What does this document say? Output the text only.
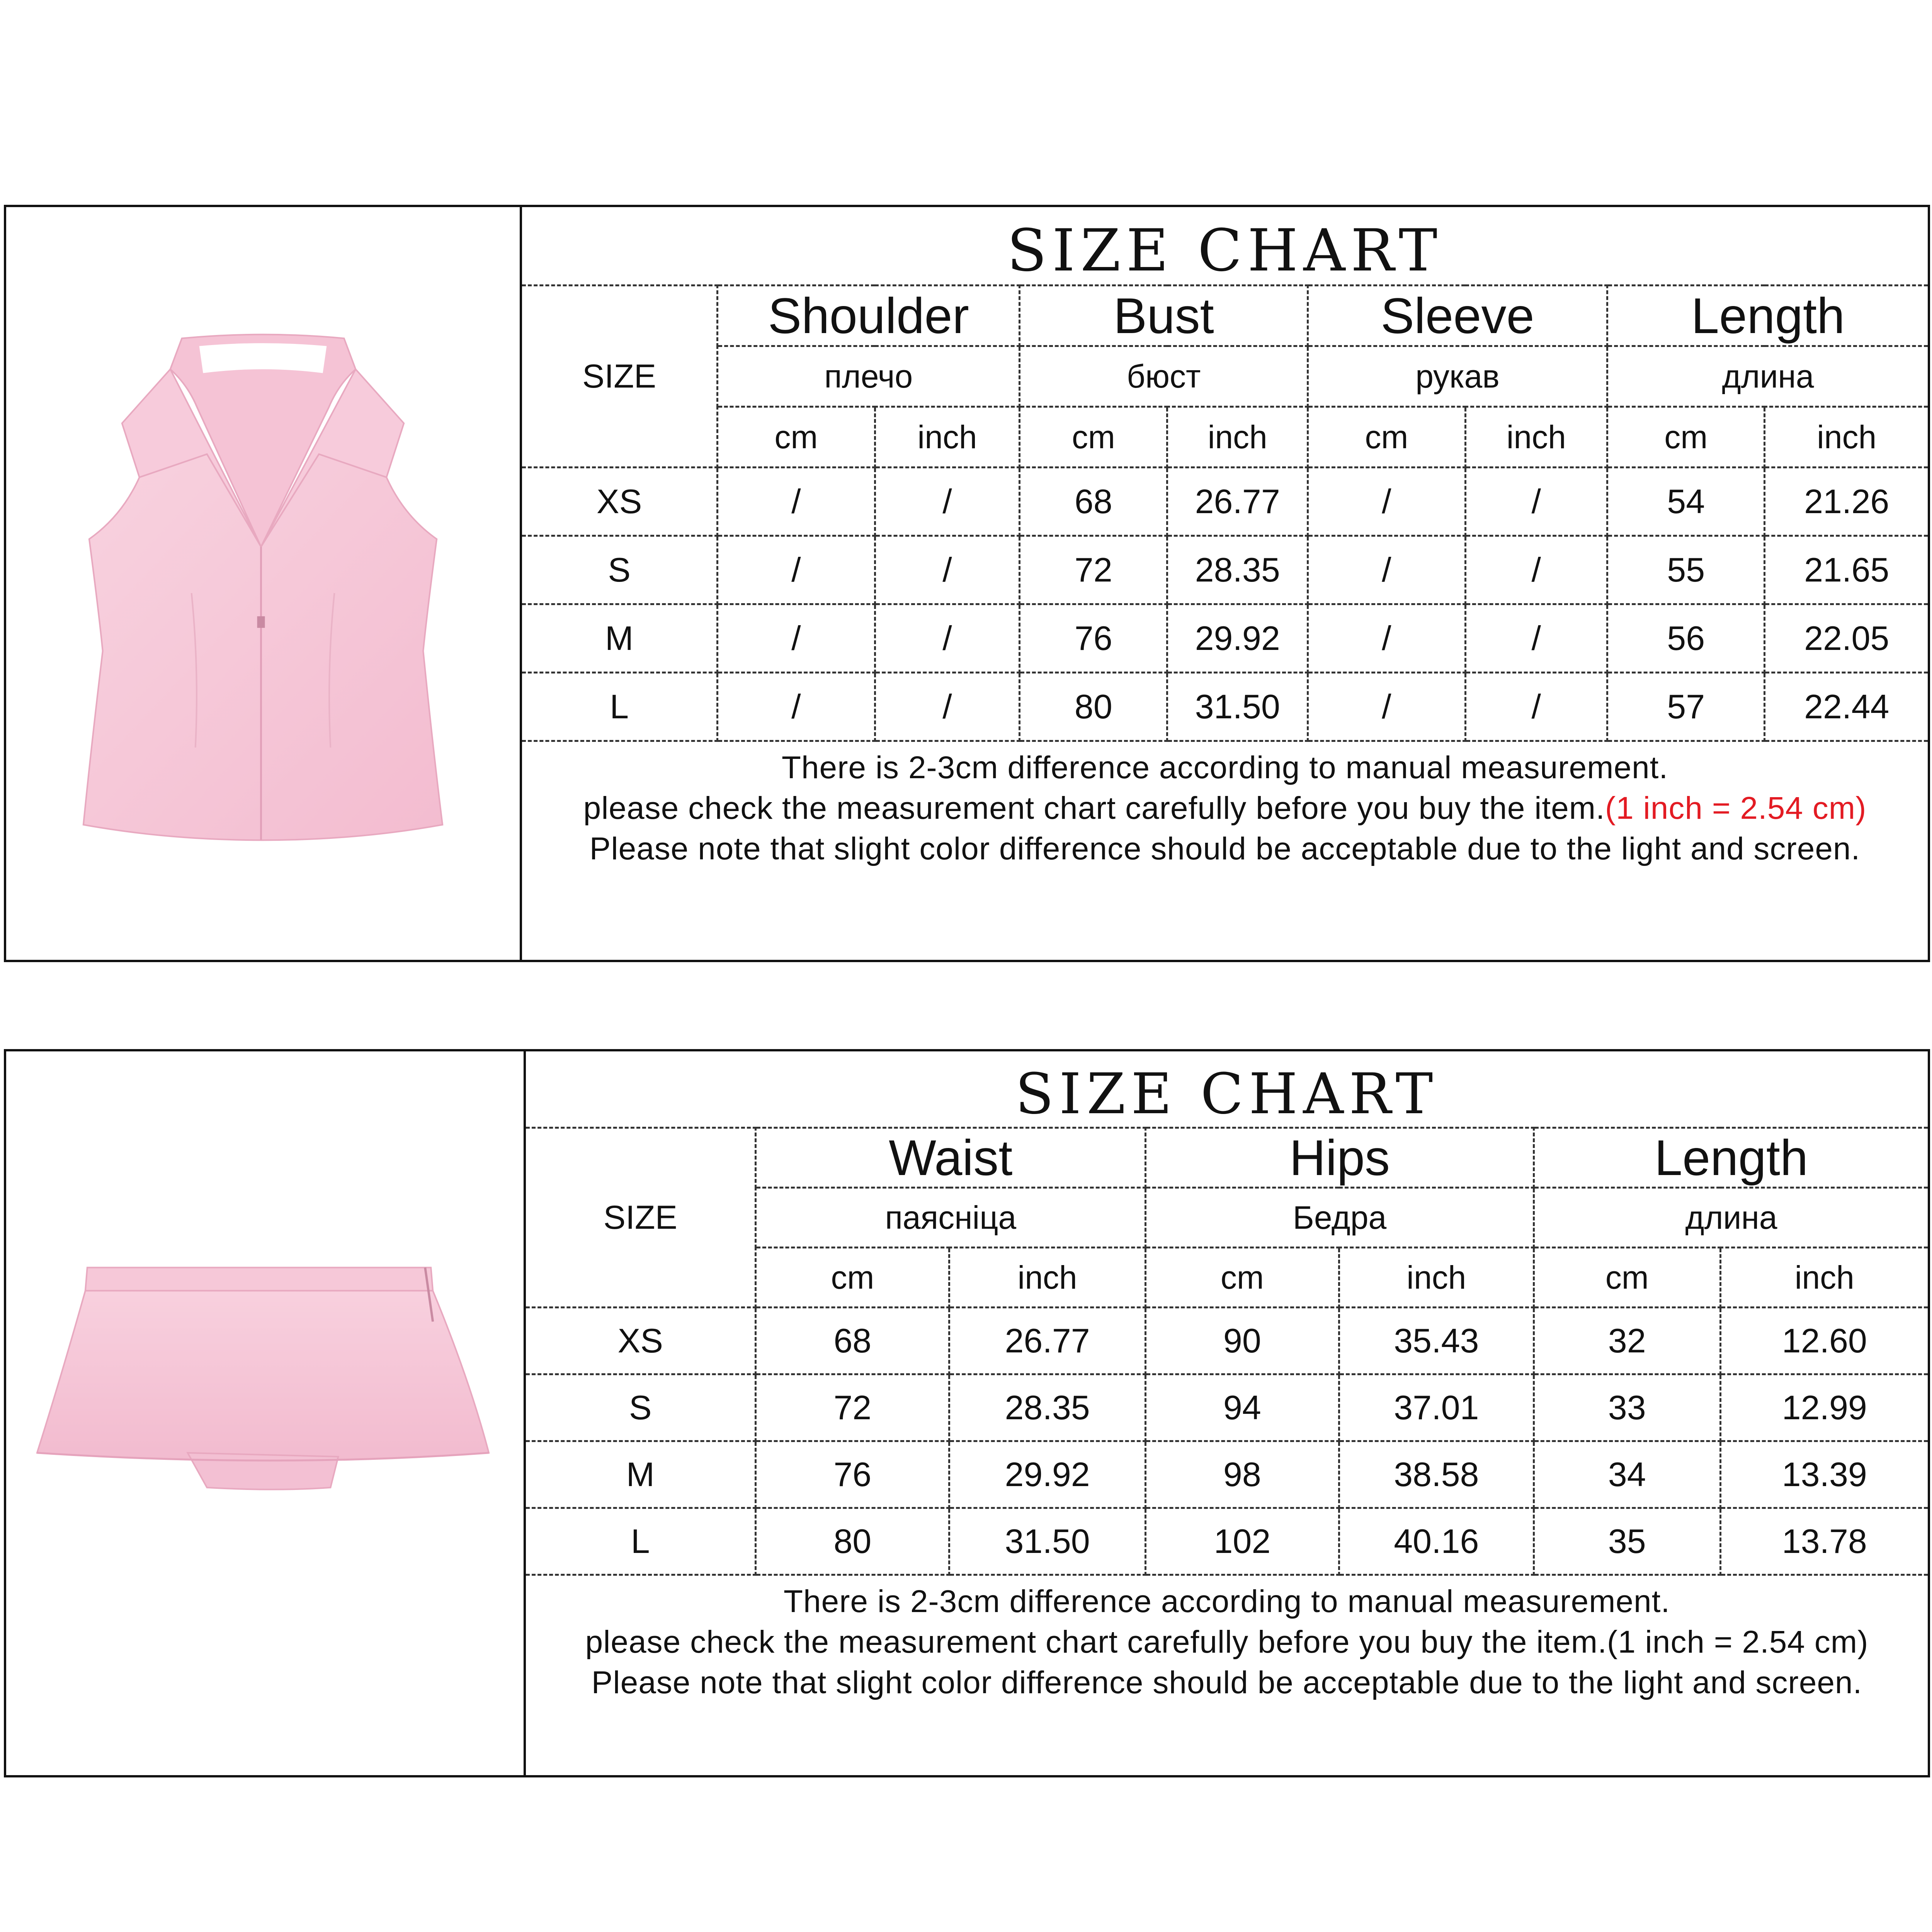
SIZE CHART
SIZE	Shoulder		Bust		Sleeve		Length	
	плечо		бюст		рукав		длина	
	cm	inch	cm	inch	cm	inch	cm	inch
XS	/	/	68	26.77	/	/	54	21.26
S	/	/	72	28.35	/	/	55	21.65
M	/	/	76	29.92	/	/	56	22.05
L	/	/	80	31.50	/	/	57	22.44

There is 2-3cm difference according to manual measurement.

please check the measurement chart carefully before you buy the item.(1 inch = 2.54 cm)

Please note that slight color difference should be acceptable due to the light and screen.

SIZE CHART
SIZE	Waist		Hips		Length	
	паясніца		Бедра		длина	
	cm	inch	cm	inch	cm	inch
XS	68	26.77	90	35.43	32	12.60
S	72	28.35	94	37.01	33	12.99
M	76	29.92	98	38.58	34	13.39
L	80	31.50	102	40.16	35	13.78

There is 2-3cm difference according to manual measurement.

please check the measurement chart carefully before you buy the item.(1 inch = 2.54 cm)

Please note that slight color difference should be acceptable due to the light and screen.
